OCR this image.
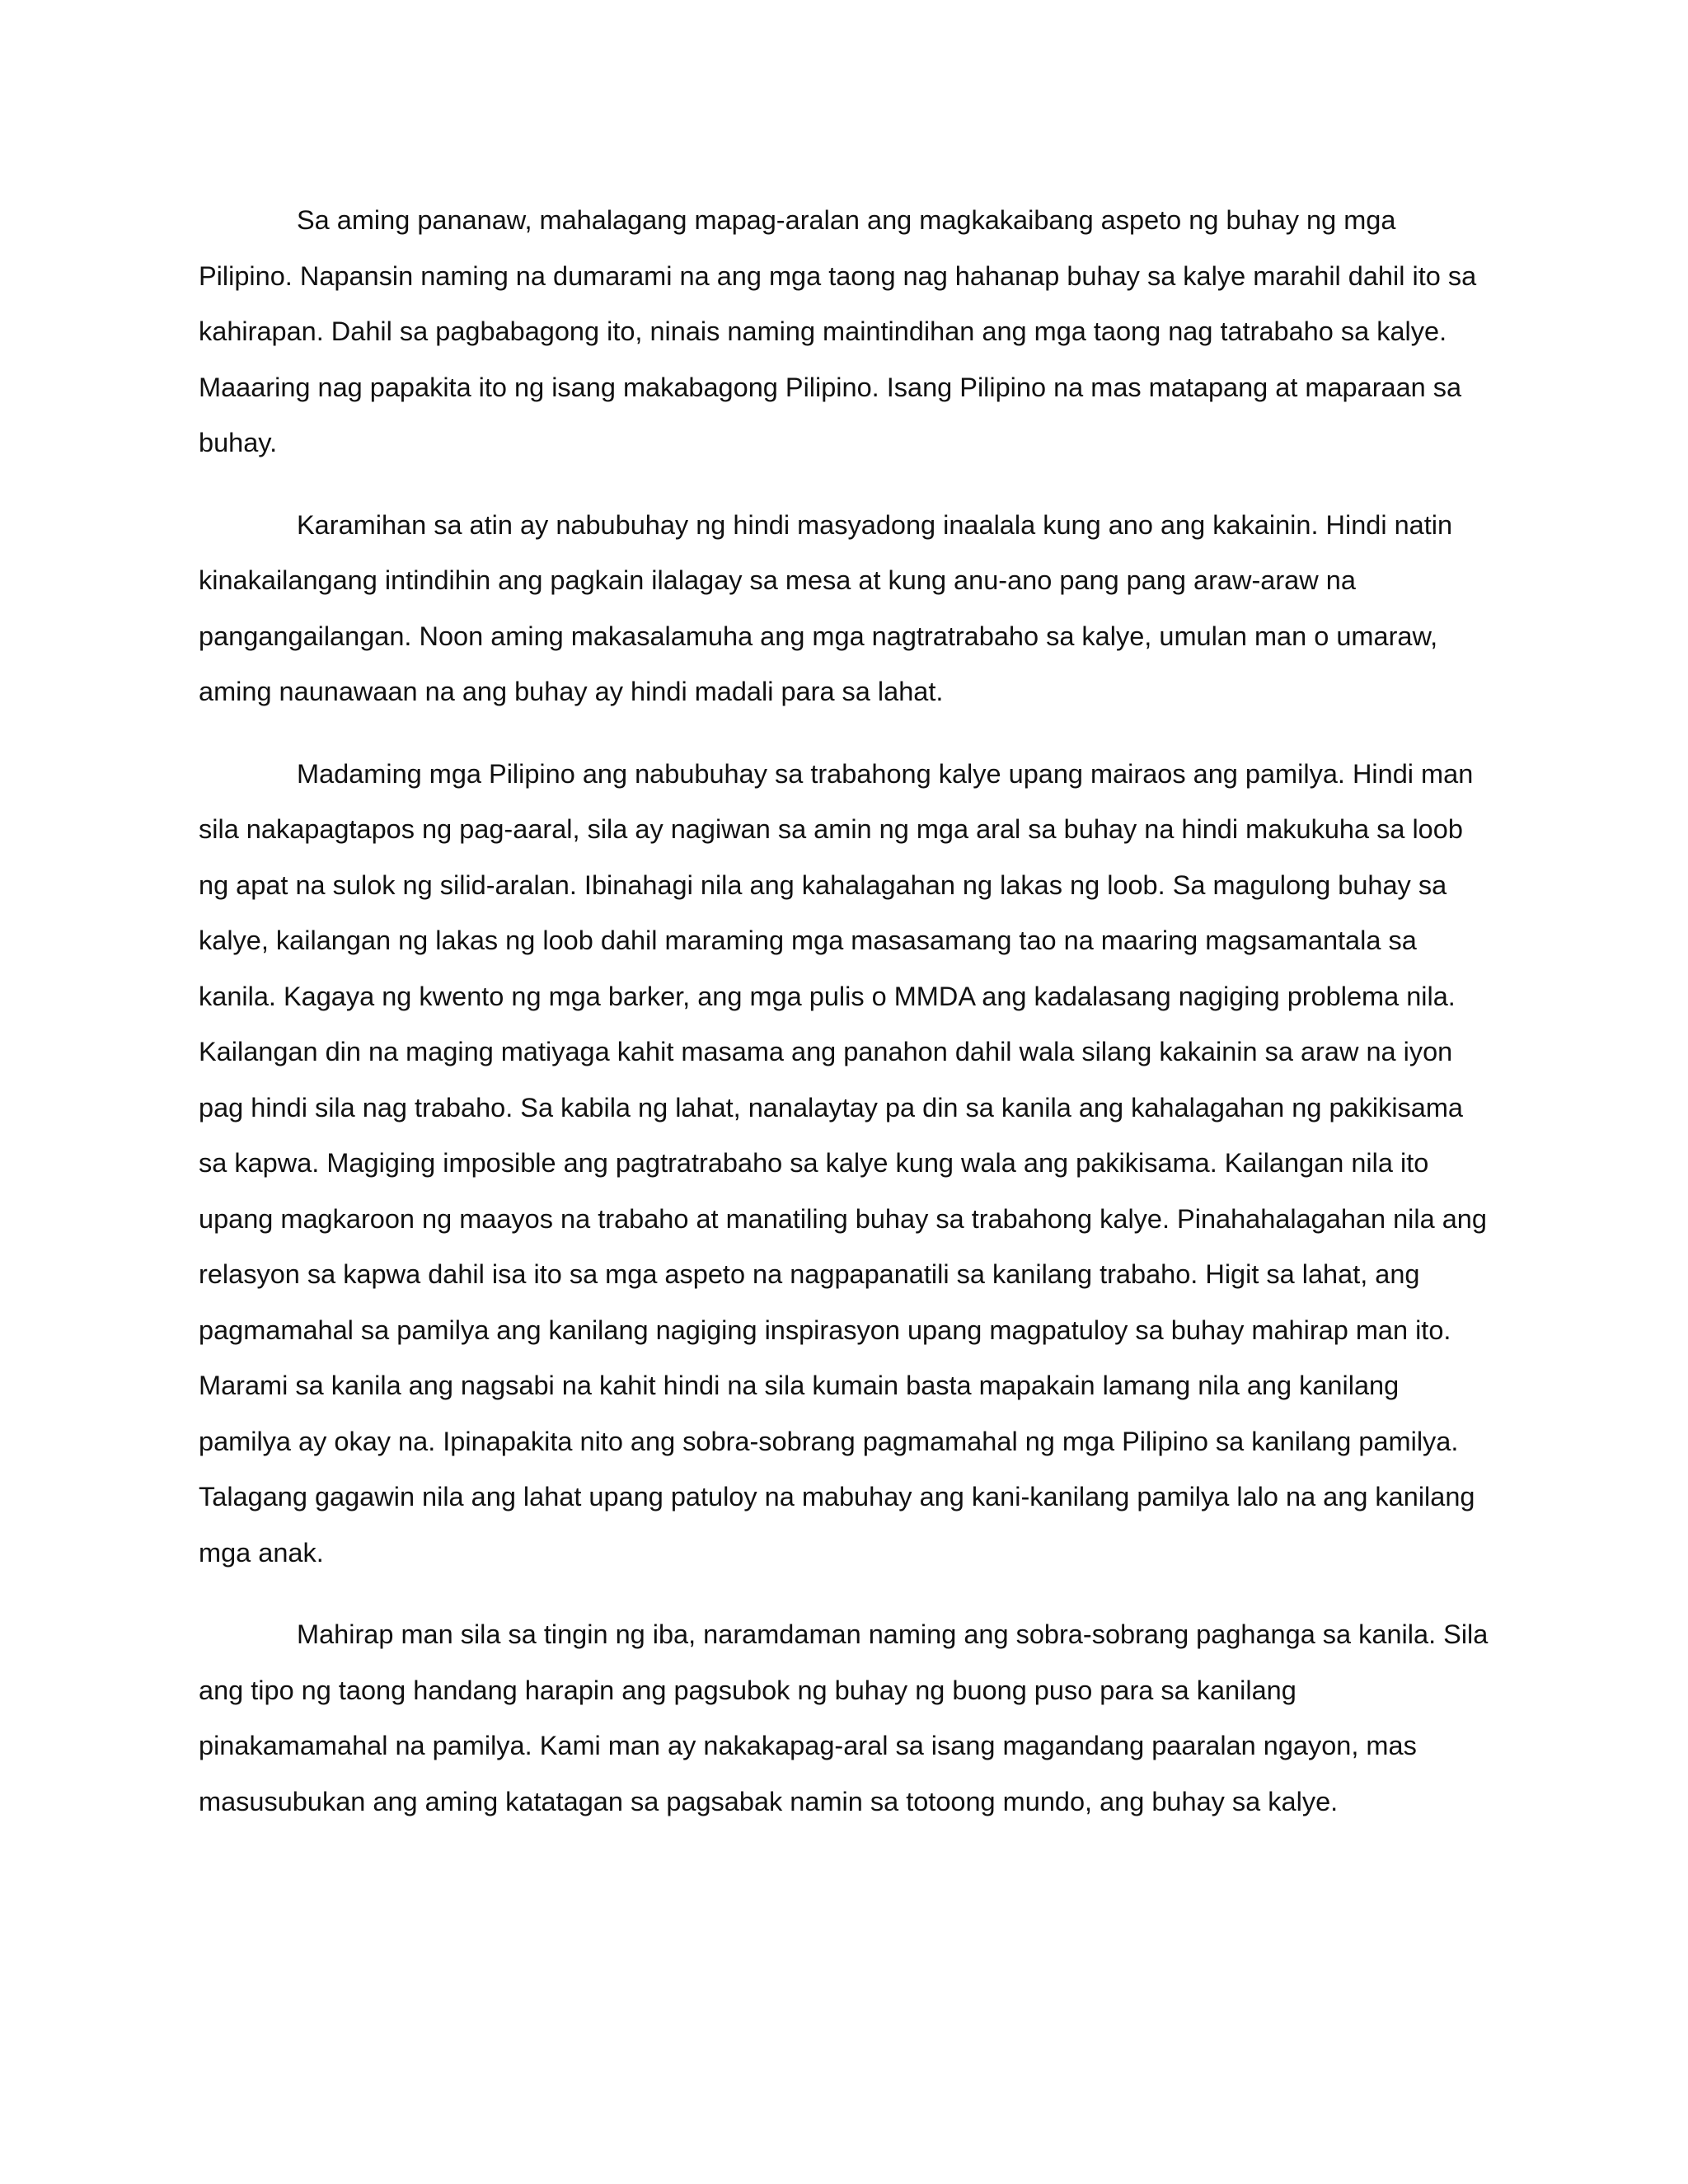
Sa aming pananaw, mahalagang mapag-aralan ang magkakaibang aspeto ng buhay ng mga Pilipino. Napansin naming na dumarami na ang mga taong nag hahanap buhay sa kalye marahil dahil ito sa kahirapan. Dahil sa pagbabagong ito, ninais naming maintindihan ang mga taong nag tatrabaho sa kalye. Maaaring nag papakita ito ng isang makabagong Pilipino. Isang Pilipino na mas matapang at maparaan sa buhay.

Karamihan sa atin ay nabubuhay ng hindi masyadong inaalala kung ano ang kakainin. Hindi natin kinakailangang intindihin ang pagkain ilalagay sa mesa at kung anu-ano pang pang araw-araw na pangangailangan. Noon aming makasalamuha ang mga nagtratrabaho sa kalye, umulan man o umaraw, aming naunawaan na ang buhay ay hindi madali para sa lahat.

Madaming mga Pilipino ang nabubuhay sa trabahong kalye upang mairaos ang pamilya. Hindi man sila nakapagtapos ng pag-aaral, sila ay nagiwan sa amin ng mga aral sa buhay na hindi makukuha sa loob ng apat na sulok ng silid-aralan. Ibinahagi nila ang kahalagahan ng lakas ng loob. Sa magulong buhay sa kalye, kailangan ng lakas ng loob dahil maraming mga masasamang tao na maaring magsamantala sa kanila. Kagaya ng kwento ng mga barker, ang mga pulis o MMDA ang kadalasang nagiging problema nila. Kailangan din na maging matiyaga kahit masama ang panahon dahil wala silang kakainin sa araw na iyon pag hindi sila nag trabaho. Sa kabila ng lahat, nanalaytay pa din sa kanila ang kahalagahan ng pakikisama sa kapwa. Magiging imposible ang pagtratrabaho sa kalye kung wala ang pakikisama. Kailangan nila ito upang magkaroon ng maayos na trabaho at manatiling buhay sa trabahong kalye. Pinahahalagahan nila ang relasyon sa kapwa dahil isa ito sa mga aspeto na nagpapanatili sa kanilang trabaho. Higit sa lahat, ang pagmamahal sa pamilya ang kanilang nagiging inspirasyon upang magpatuloy sa buhay mahirap man ito. Marami sa kanila ang nagsabi na kahit hindi na sila kumain basta mapakain lamang nila ang kanilang pamilya ay okay na. Ipinapakita nito ang sobra-sobrang pagmamahal ng mga Pilipino sa kanilang pamilya. Talagang gagawin nila ang lahat upang patuloy na mabuhay ang kani-kanilang pamilya lalo na ang kanilang mga anak.

Mahirap man sila sa tingin ng iba, naramdaman naming ang sobra-sobrang paghanga sa kanila. Sila ang tipo ng taong handang harapin ang pagsubok ng buhay ng buong puso para sa kanilang pinakamamahal na pamilya. Kami man ay nakakapag-aral sa isang magandang paaralan ngayon, mas masusubukan ang aming katatagan sa pagsabak namin sa totoong mundo, ang buhay sa kalye.
